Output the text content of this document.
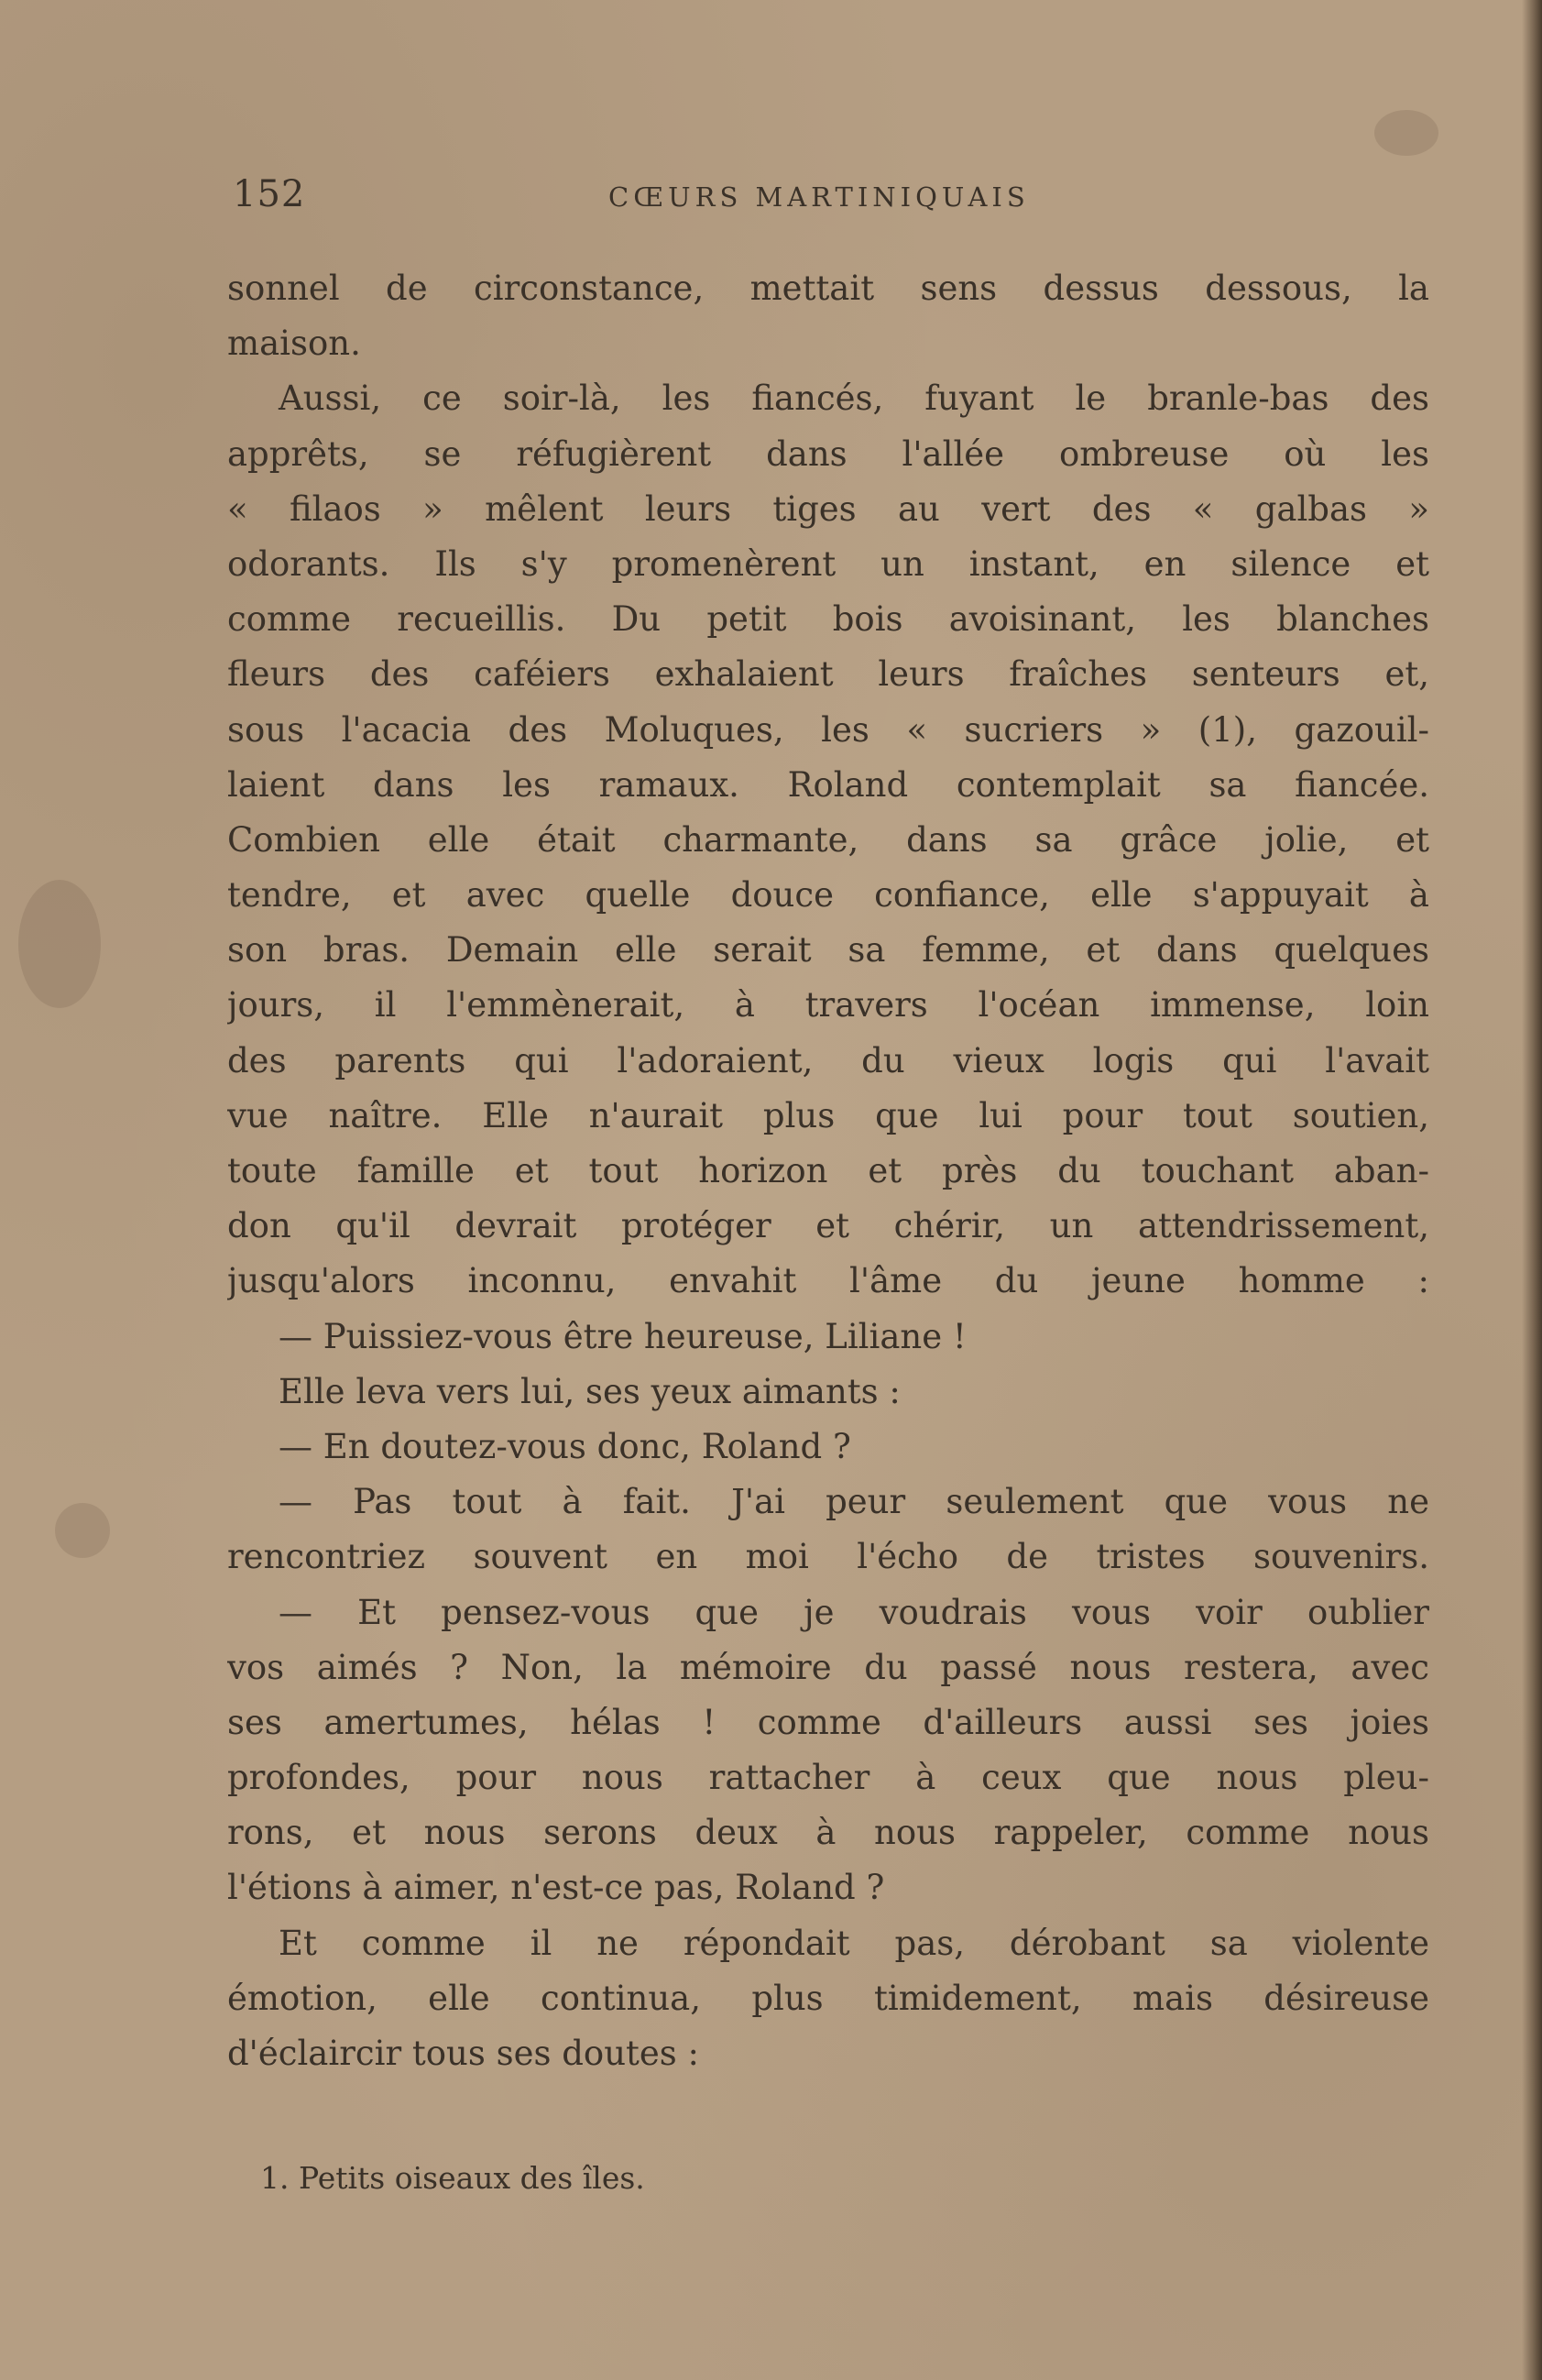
152	CŒURS MARTINIQUAIS
sonnel de circonstance, mettait sens dessus dessous, la
maison.
Aussi, ce soir-là, les fiancés, fuyant le branle-bas des
apprêts, se réfugièrent dans l'allée ombreuse où les
« filaos » mêlent leurs tiges au vert des « galbas »
odorants. Ils s'y promenèrent un instant, en silence et
comme recueillis. Du petit bois avoisinant, les blanches
fleurs des caféiers exhalaient leurs fraîches senteurs et,
sous l'acacia des Moluques, les « sucriers » (1), gazouil-
laient dans les ramaux. Roland contemplait sa fiancée.
Combien elle était charmante, dans sa grâce jolie, et
tendre, et avec quelle douce confiance, elle s'appuyait à
son bras. Demain elle serait sa femme, et dans quelques
jours, il l'emmènerait, à travers l'océan immense, loin
des parents qui l'adoraient, du vieux logis qui l'avait
vue naître. Elle n'aurait plus que lui pour tout soutien,
toute famille et tout horizon et près du touchant aban-
don qu'il devrait protéger et chérir, un attendrissement,
jusqu'alors inconnu, envahit l'âme du jeune homme :
— Puissiez-vous être heureuse, Liliane !
Elle leva vers lui, ses yeux aimants :
— En doutez-vous donc, Roland ?
— Pas tout à fait. J'ai peur seulement que vous ne
rencontriez souvent en moi l'écho de tristes souvenirs.
— Et pensez-vous que je voudrais vous voir oublier
vos aimés ? Non, la mémoire du passé nous restera, avec
ses amertumes, hélas ! comme d'ailleurs aussi ses joies
profondes, pour nous rattacher à ceux que nous pleu-
rons, et nous serons deux à nous rappeler, comme nous
l'étions à aimer, n'est-ce pas, Roland ?
Et comme il ne répondait pas, dérobant sa violente
émotion, elle continua, plus timidement, mais désireuse
d'éclaircir tous ses doutes :
1. Petits oiseaux des îles.
